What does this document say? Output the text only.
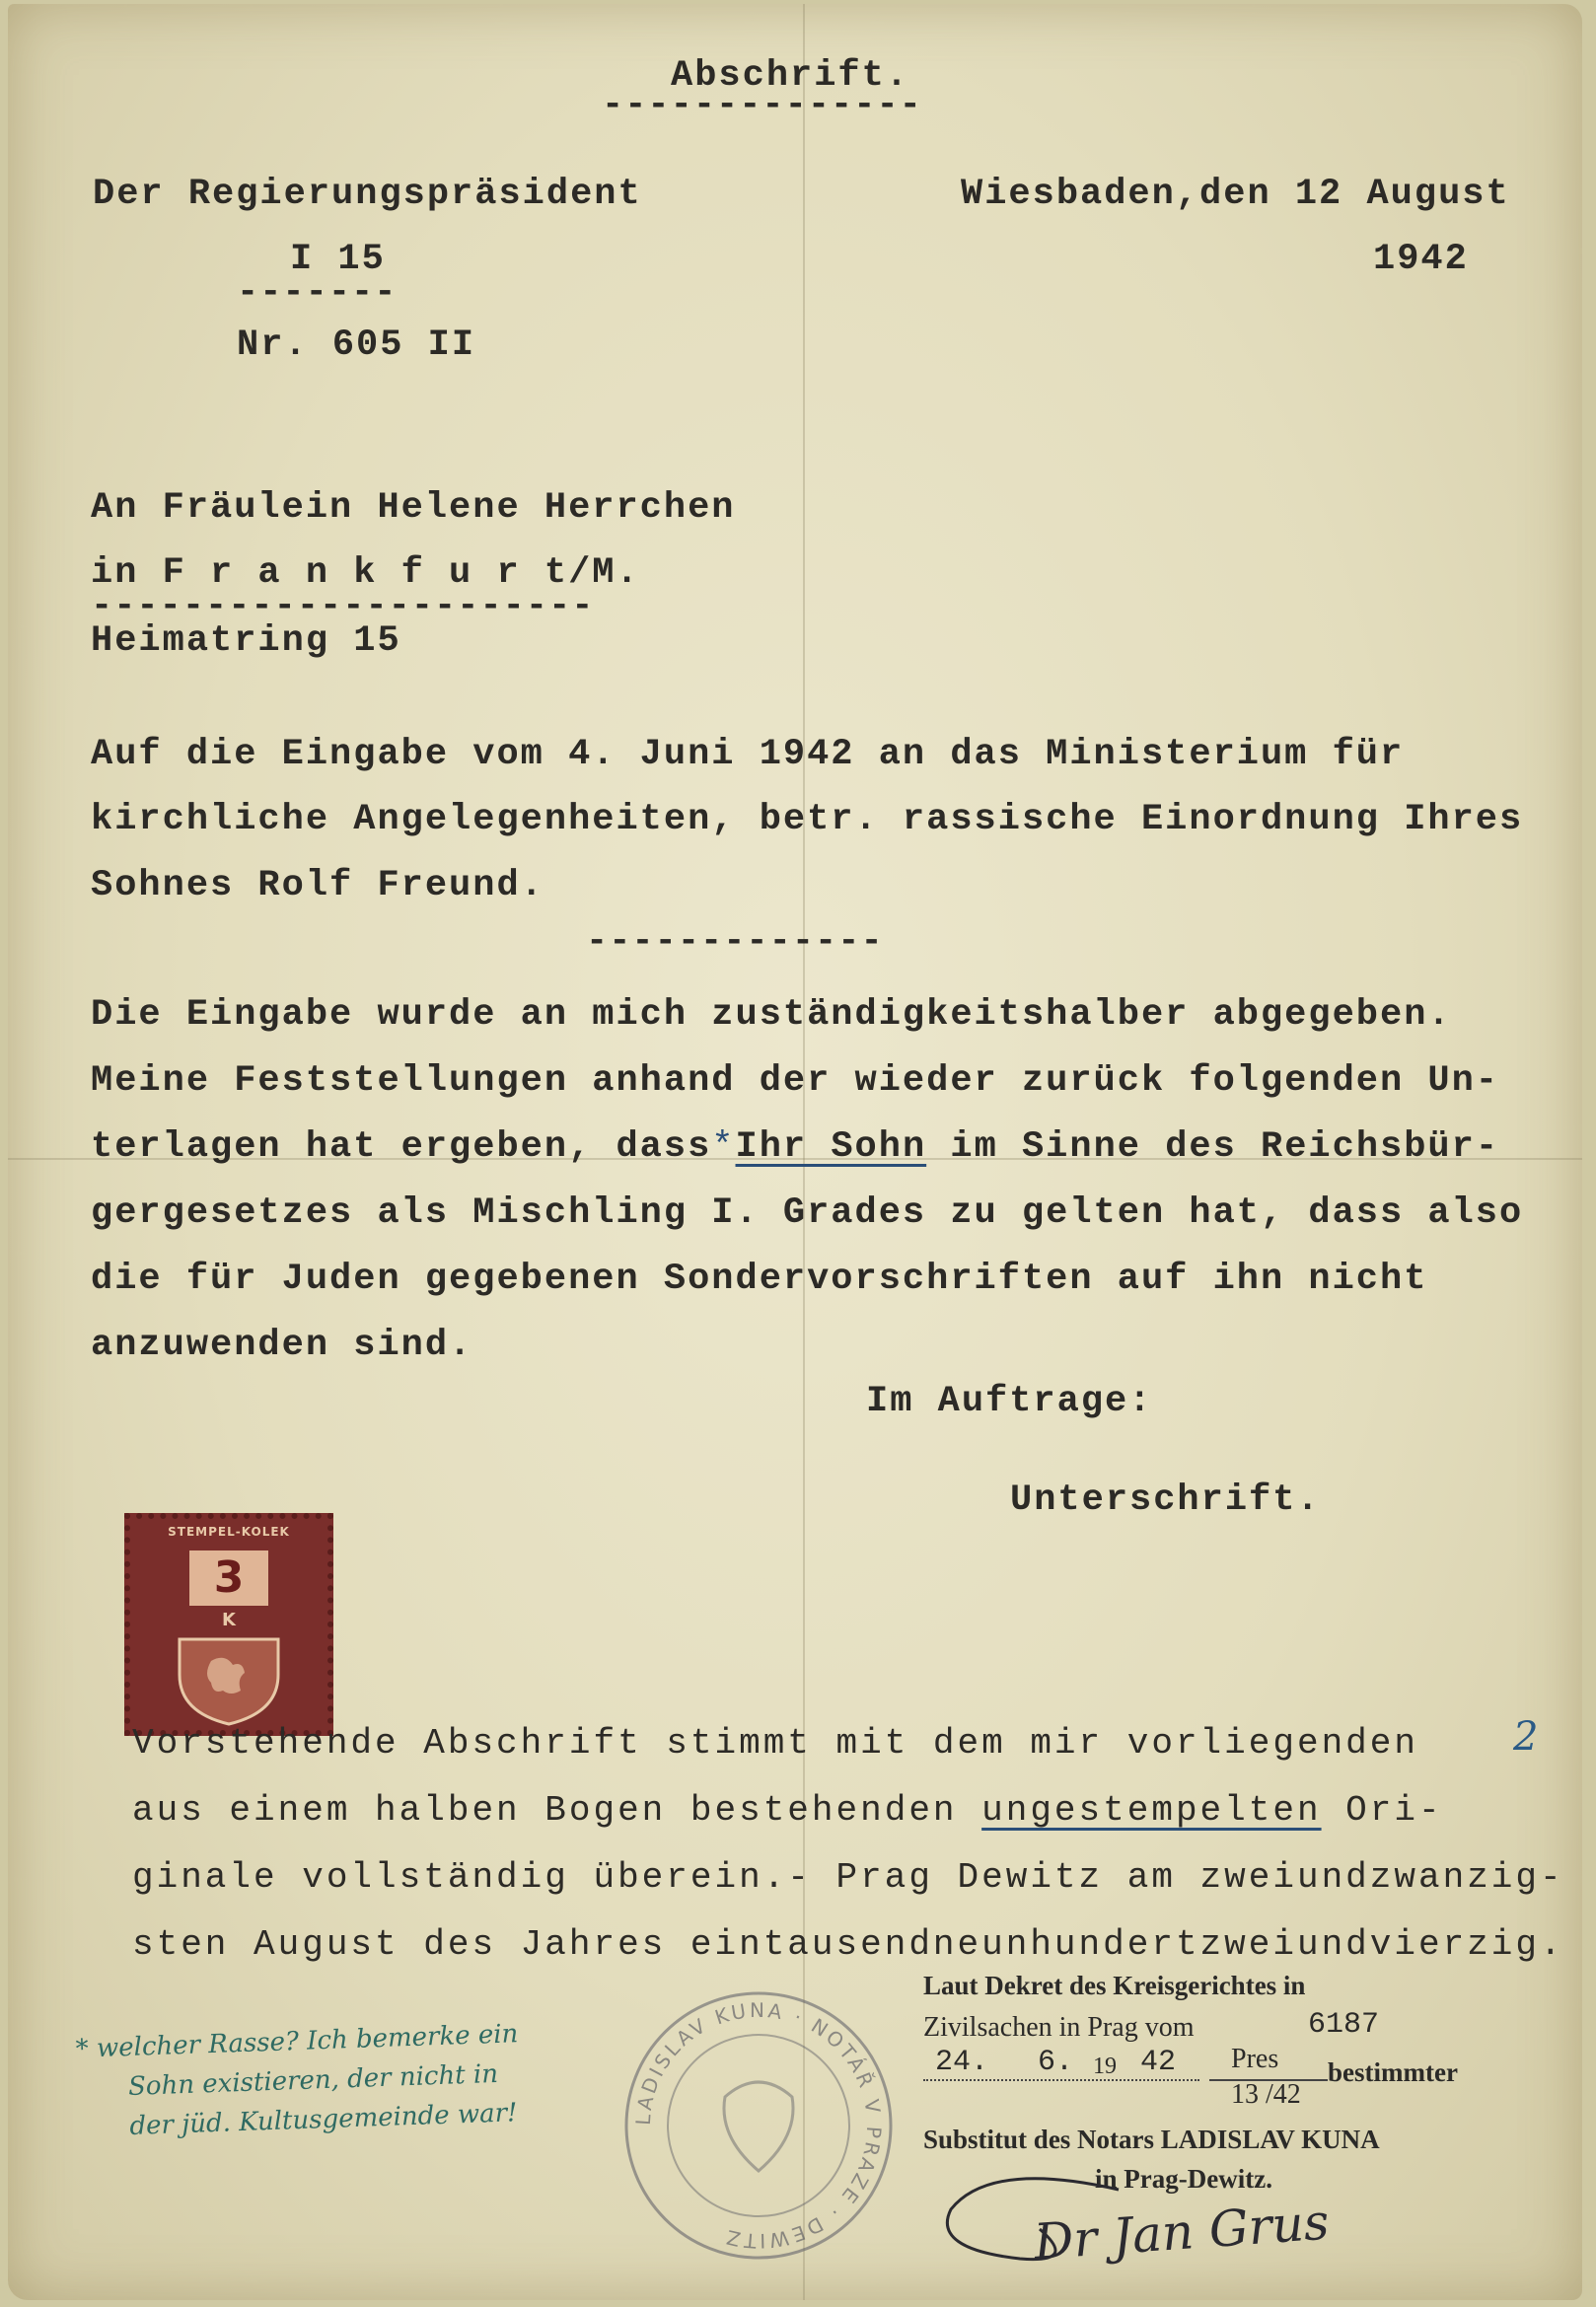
Abschrift.
--------------
Der Regierungspräsident	Wiesbaden,den 12 August
1942
I 15
-------
Nr. 605 II
An Fräulein Helene Herrchen
in F r a n k f u r t/M.
----------------------
Heimatring 15
Auf die Eingabe vom 4. Juni 1942 an das Ministerium für
kirchliche Angelegenheiten, betr. rassische Einordnung Ihres
Sohnes Rolf Freund.
-------------
Die Eingabe wurde an mich zuständigkeitshalber abgegeben.
Meine Feststellungen anhand der wieder zurück folgenden Un-
terlagen hat ergeben, dass*Ihr Sohn im Sinne des Reichsbür-
gergesetzes als Mischling I. Grades zu gelten hat, dass also
die für Juden gegebenen Sondervorschriften auf ihn nicht
anzuwenden sind.
Im Auftrage:
Unterschrift.
STEMPEL-KOLEK
3
K
Vorstehende Abschrift stimmt mit dem mir vorliegenden
aus einem halben Bogen bestehenden ungestempelten Ori-
ginale vollständig überein.- Prag Dewitz am zweiundzwanzig-
sten August des Jahres eintausendneunhundertzweiundvierzig.
2
Laut Dekret des Kreisgerichtes in
Zivilsachen in Prag vom	6187
24. 6. 19 42 Pres
13 /42
bestimmter
Substitut des Notars LADISLAV KUNA
in Prag-Dewitz.
Dr Jan Grus
LADISLAV KUNA · NOTÁŘ V PRAZE · DEWITZ
* welcher Rasse? Ich bemerke ein
Sohn existieren, der nicht in
der jüd. Kultusgemeinde war!
